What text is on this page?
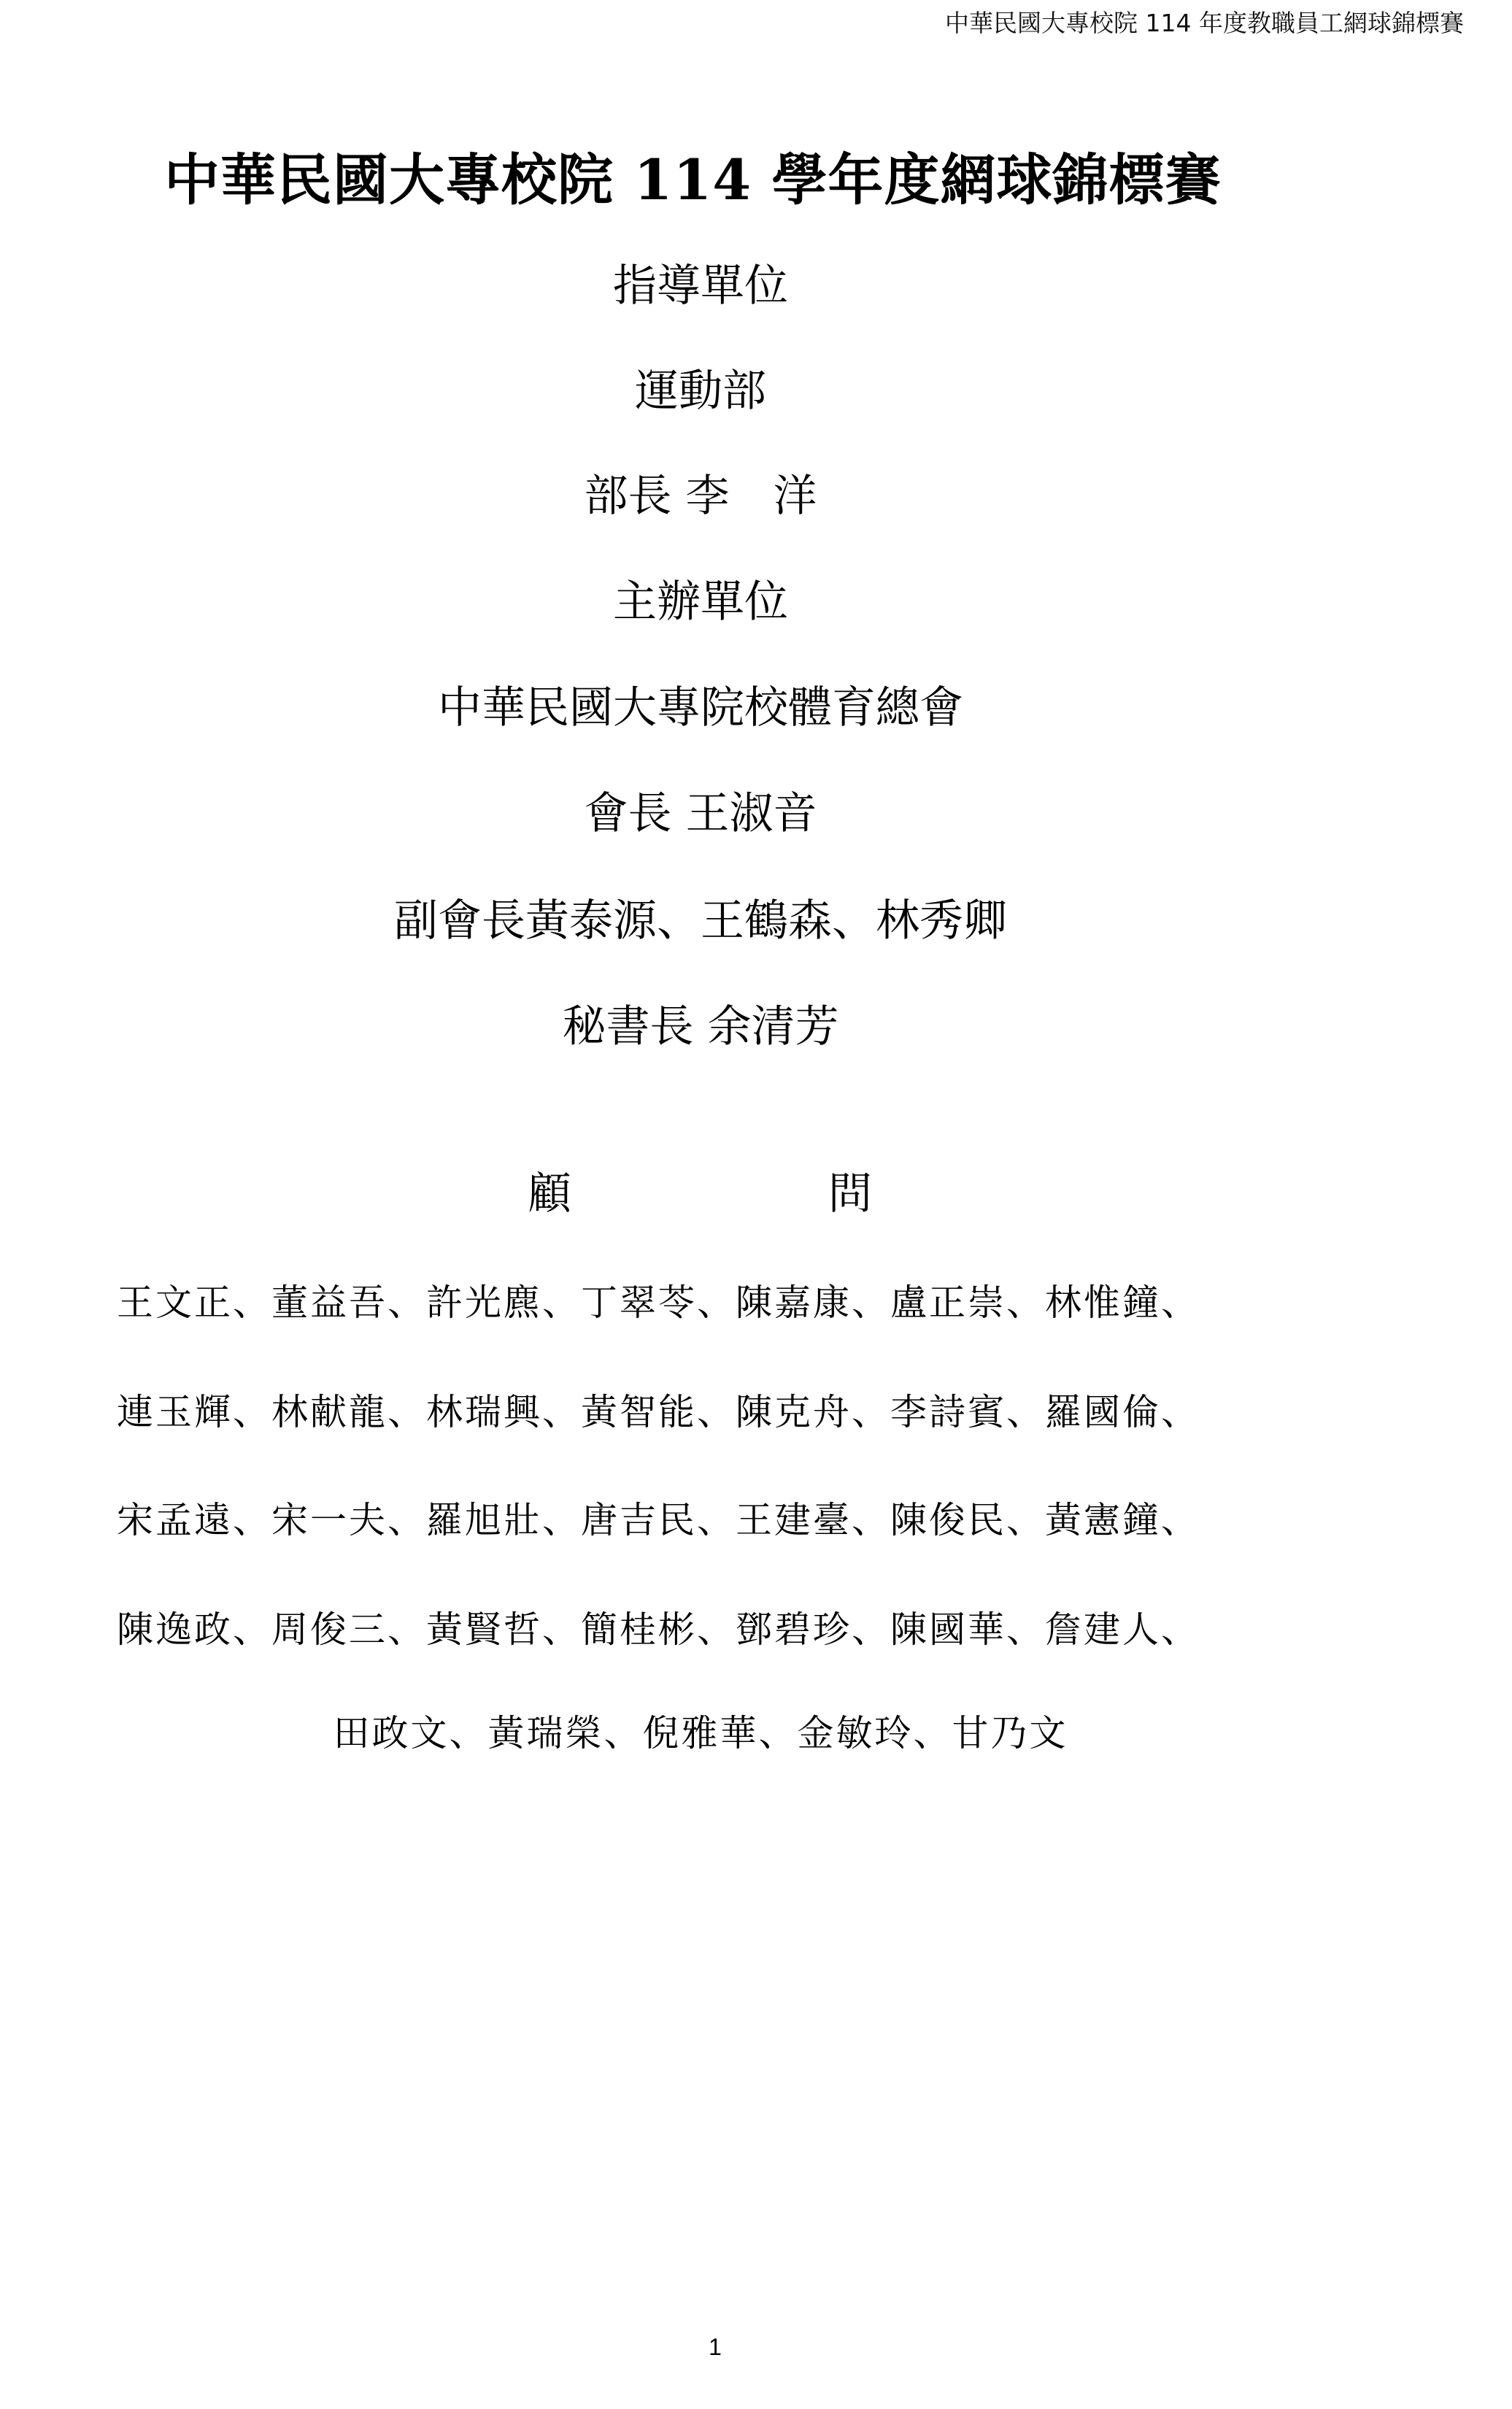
中華民國大專校院 114 年度教職員工網球錦標賽
中華民國大專校院 114 學年度網球錦標賽
指導單位
運動部
部長 李　洋
主辦單位
中華民國大專院校體育總會
會長 王淑音
副會長黃泰源、王鶴森、林秀卿
秘書長 余清芳
顧	問
王文正、董益吾、許光麃、丁翠苓、陳嘉康、盧正崇、林惟鐘、
連玉輝、林献龍、林瑞興、黃智能、陳克舟、李詩賓、羅國倫、
宋孟遠、宋一夫、羅旭壯、唐吉民、王建臺、陳俊民、黃憲鐘、
陳逸政、周俊三、黃賢哲、簡桂彬、鄧碧珍、陳國華、詹建人、
田政文、黃瑞榮、倪雅華、金敏玲、甘乃文
1
